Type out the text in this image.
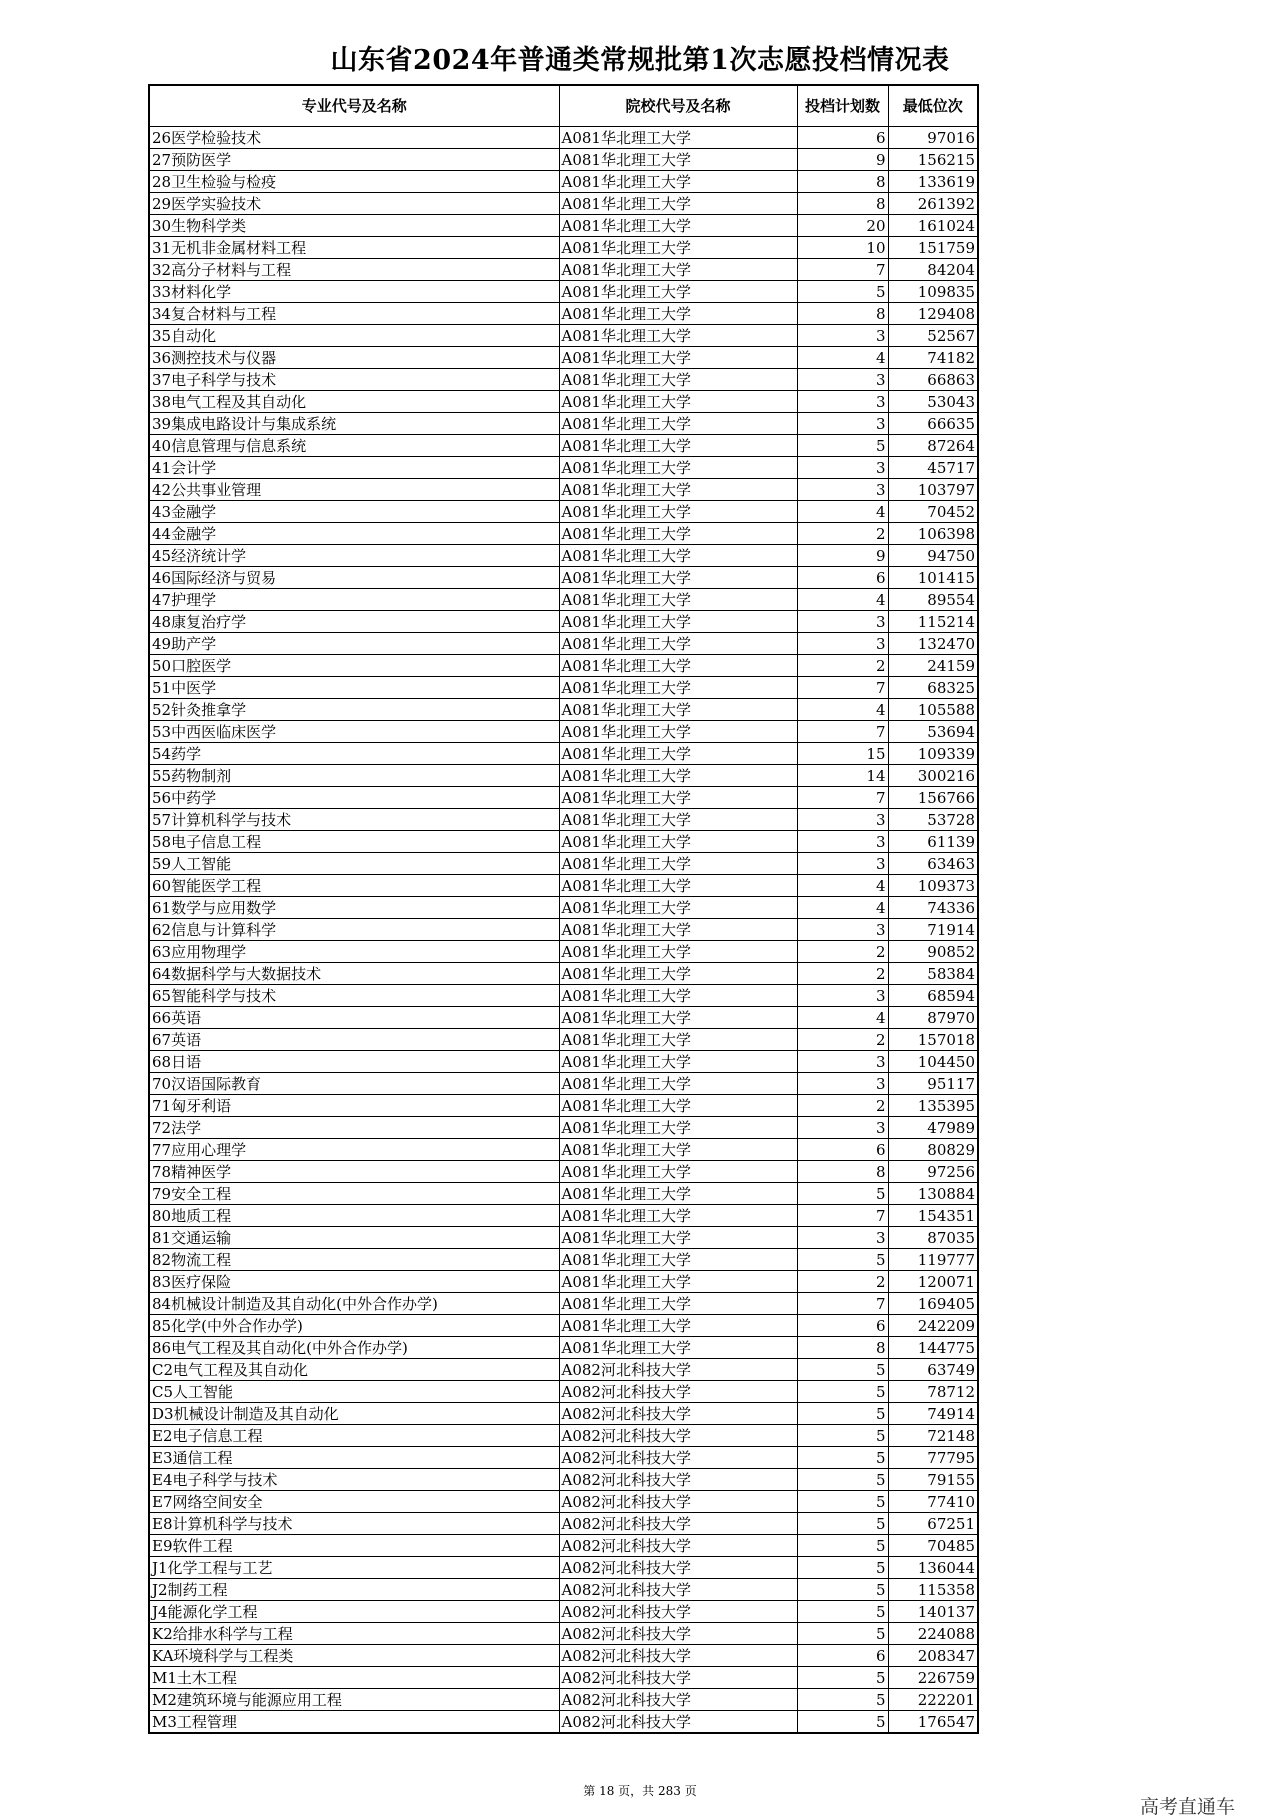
山东省2024年普通类常规批第1次志愿投档情况表
专业代号及名称	院校代号及名称	投档计划数	最低位次
26医学检验技术	A081华北理工大学	6	97016
27预防医学	A081华北理工大学	9	156215
28卫生检验与检疫	A081华北理工大学	8	133619
29医学实验技术	A081华北理工大学	8	261392
30生物科学类	A081华北理工大学	20	161024
31无机非金属材料工程	A081华北理工大学	10	151759
32高分子材料与工程	A081华北理工大学	7	84204
33材料化学	A081华北理工大学	5	109835
34复合材料与工程	A081华北理工大学	8	129408
35自动化	A081华北理工大学	3	52567
36测控技术与仪器	A081华北理工大学	4	74182
37电子科学与技术	A081华北理工大学	3	66863
38电气工程及其自动化	A081华北理工大学	3	53043
39集成电路设计与集成系统	A081华北理工大学	3	66635
40信息管理与信息系统	A081华北理工大学	5	87264
41会计学	A081华北理工大学	3	45717
42公共事业管理	A081华北理工大学	3	103797
43金融学	A081华北理工大学	4	70452
44金融学	A081华北理工大学	2	106398
45经济统计学	A081华北理工大学	9	94750
46国际经济与贸易	A081华北理工大学	6	101415
47护理学	A081华北理工大学	4	89554
48康复治疗学	A081华北理工大学	3	115214
49助产学	A081华北理工大学	3	132470
50口腔医学	A081华北理工大学	2	24159
51中医学	A081华北理工大学	7	68325
52针灸推拿学	A081华北理工大学	4	105588
53中西医临床医学	A081华北理工大学	7	53694
54药学	A081华北理工大学	15	109339
55药物制剂	A081华北理工大学	14	300216
56中药学	A081华北理工大学	7	156766
57计算机科学与技术	A081华北理工大学	3	53728
58电子信息工程	A081华北理工大学	3	61139
59人工智能	A081华北理工大学	3	63463
60智能医学工程	A081华北理工大学	4	109373
61数学与应用数学	A081华北理工大学	4	74336
62信息与计算科学	A081华北理工大学	3	71914
63应用物理学	A081华北理工大学	2	90852
64数据科学与大数据技术	A081华北理工大学	2	58384
65智能科学与技术	A081华北理工大学	3	68594
66英语	A081华北理工大学	4	87970
67英语	A081华北理工大学	2	157018
68日语	A081华北理工大学	3	104450
70汉语国际教育	A081华北理工大学	3	95117
71匈牙利语	A081华北理工大学	2	135395
72法学	A081华北理工大学	3	47989
77应用心理学	A081华北理工大学	6	80829
78精神医学	A081华北理工大学	8	97256
79安全工程	A081华北理工大学	5	130884
80地质工程	A081华北理工大学	7	154351
81交通运输	A081华北理工大学	3	87035
82物流工程	A081华北理工大学	5	119777
83医疗保险	A081华北理工大学	2	120071
84机械设计制造及其自动化(中外合作办学)	A081华北理工大学	7	169405
85化学(中外合作办学)	A081华北理工大学	6	242209
86电气工程及其自动化(中外合作办学)	A081华北理工大学	8	144775
C2电气工程及其自动化	A082河北科技大学	5	63749
C5人工智能	A082河北科技大学	5	78712
D3机械设计制造及其自动化	A082河北科技大学	5	74914
E2电子信息工程	A082河北科技大学	5	72148
E3通信工程	A082河北科技大学	5	77795
E4电子科学与技术	A082河北科技大学	5	79155
E7网络空间安全	A082河北科技大学	5	77410
E8计算机科学与技术	A082河北科技大学	5	67251
E9软件工程	A082河北科技大学	5	70485
J1化学工程与工艺	A082河北科技大学	5	136044
J2制药工程	A082河北科技大学	5	115358
J4能源化学工程	A082河北科技大学	5	140137
K2给排水科学与工程	A082河北科技大学	5	224088
KA环境科学与工程类	A082河北科技大学	6	208347
M1土木工程	A082河北科技大学	5	226759
M2建筑环境与能源应用工程	A082河北科技大学	5	222201
M3工程管理	A082河北科技大学	5	176547
第 18 页，共 283 页
高考直通车
